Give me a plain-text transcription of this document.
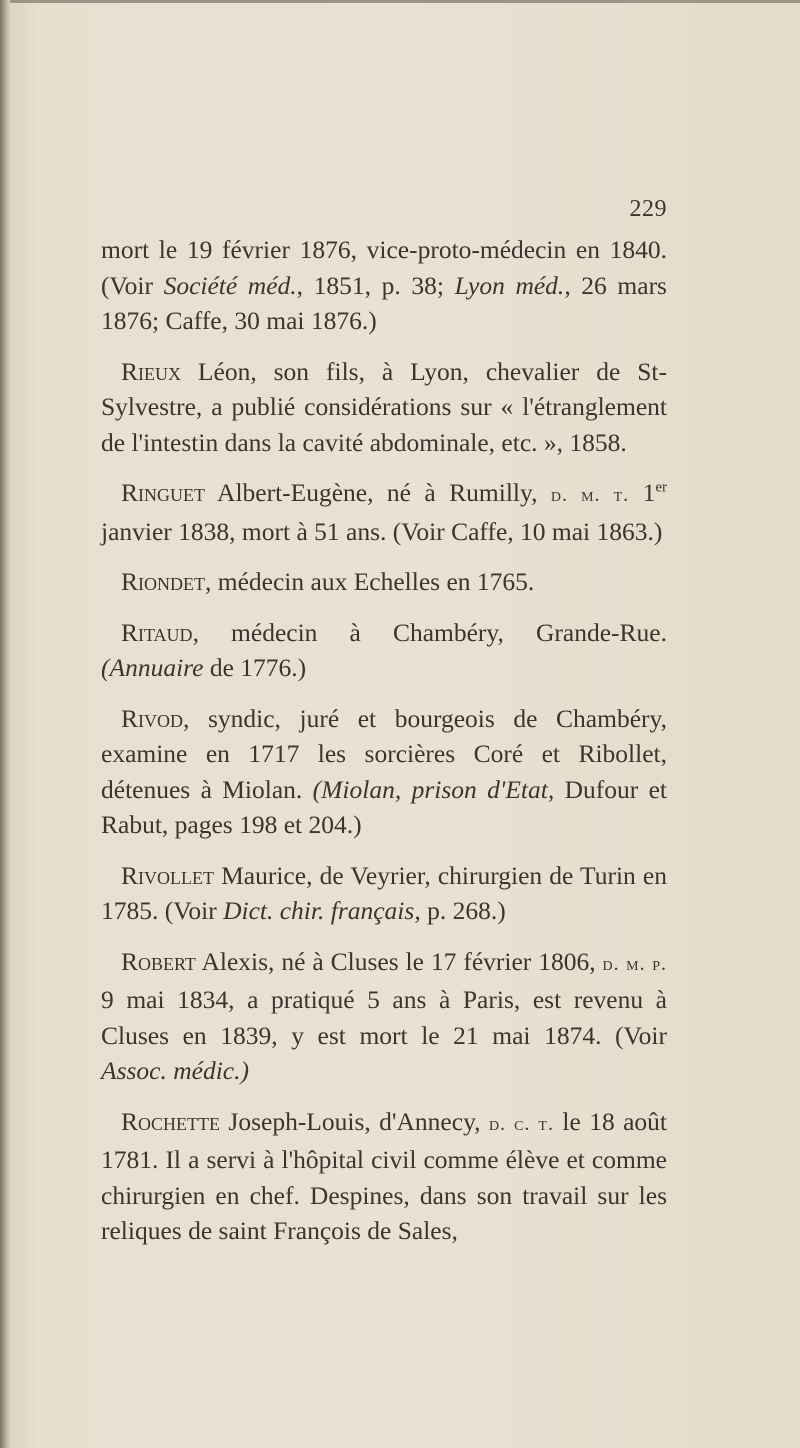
229

mort le 19 février 1876, vice-proto-médecin en 1840. (Voir Société méd., 1851, p. 38; Lyon méd., 26 mars 1876; Caffe, 30 mai 1876.)

Rieux Léon, son fils, à Lyon, chevalier de St-Sylvestre, a publié considérations sur « l'étranglement de l'intestin dans la cavité abdominale, etc. », 1858.

Ringuet Albert-Eugène, né à Rumilly, d. m. t. 1er janvier 1838, mort à 51 ans. (Voir Caffe, 10 mai 1863.)

Riondet, médecin aux Echelles en 1765.

Ritaud, médecin à Chambéry, Grande-Rue. (Annuaire de 1776.)

Rivod, syndic, juré et bourgeois de Chambéry, examine en 1717 les sorcières Coré et Ribollet, détenues à Miolan. (Miolan, prison d'Etat, Dufour et Rabut, pages 198 et 204.)

Rivollet Maurice, de Veyrier, chirurgien de Turin en 1785. (Voir Dict. chir. français, p. 268.)

Robert Alexis, né à Cluses le 17 février 1806, d. m. p. 9 mai 1834, a pratiqué 5 ans à Paris, est revenu à Cluses en 1839, y est mort le 21 mai 1874. (Voir Assoc. médic.)

Rochette Joseph-Louis, d'Annecy, d. c. t. le 18 août 1781. Il a servi à l'hôpital civil comme élève et comme chirurgien en chef. Despines, dans son travail sur les reliques de saint François de Sales,
